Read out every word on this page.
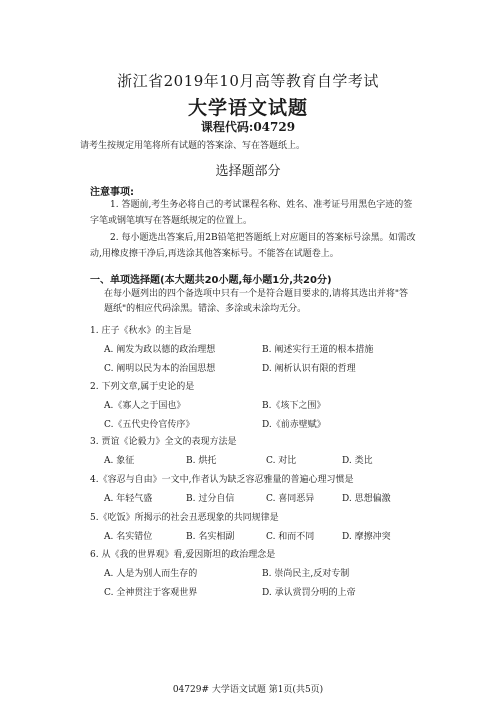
浙江省2019年10月高等教育自学考试
大学语文试题
课程代码:04729
请考生按规定用笔将所有试题的答案涂、写在答题纸上。
选择题部分
注意事项:
1. 答题前,考生务必将自己的考试课程名称、姓名、准考证号用黑色字迹的签字笔或钢笔填写在答题纸规定的位置上。
2. 每小题选出答案后,用2B铅笔把答题纸上对应题目的答案标号涂黑。如需改动,用橡皮擦干净后,再选涂其他答案标号。不能答在试题卷上。
一、单项选择题(本大题共20小题,每小题1分,共20分)
在每小题列出的四个备选项中只有一个是符合题目要求的,请将其选出并将"答题纸"的相应代码涂黑。错涂、多涂或未涂均无分。
1. 庄子《秋水》的主旨是
A. 阐发为政以德的政治理想	B. 阐述实行王道的根本措施
C. 阐明以民为本的治国思想	D. 阐析认识有限的哲理
2. 下列文章,属于史论的是
A.《寡人之于国也》	B.《垓下之围》
C.《五代史伶官传序》	D.《前赤壁赋》
3. 贾谊《论毅力》全文的表现方法是
A. 象征	B. 烘托	C. 对比	D. 类比
4.《容忍与自由》一文中,作者认为缺乏容忍雅量的普遍心理习惯是
A. 年轻气盛	B. 过分自信	C. 喜同恶异	D. 思想偏激
5.《吃饭》所揭示的社会丑恶现象的共同规律是
A. 名实错位	B. 名实相副	C. 和而不同	D. 摩擦冲突
6. 从《我的世界观》看,爱因斯坦的政治理念是
A. 人是为别人而生存的	B. 崇尚民主,反对专制
C. 全神贯注于客观世界	D. 承认赏罚分明的上帝
04729# 大学语文试题 第1页(共5页)
